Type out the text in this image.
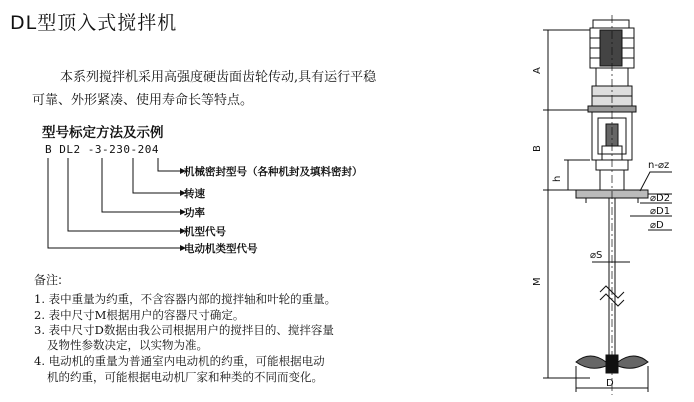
DL型顶入式搅拌机
本系列搅拌机采用高强度硬齿面齿轮传动,具有运行平稳
可靠、外形紧凑、使用寿命长等特点。
型号标定方法及示例
B DL2 -3-230-204
机械密封型号（各种机封及填料密封）
转速
功率
机型代号
电动机类型代号
备注:
1. 表中重量为约重，不含容器内部的搅拌轴和叶轮的重量。
2. 表中尺寸M根据用户的容器尺寸确定。
3. 表中尺寸D数据由我公司根据用户的搅拌目的、搅拌容量
及物性参数决定，以实物为准。
4. 电动机的重量为普通室内电动机的约重，可能根据电动
机的约重，可能根据电动机厂家和种类的不同而变化。
A
B
h
M
n-⌀z
⌀D2
⌀D1
⌀D
⌀S
D
